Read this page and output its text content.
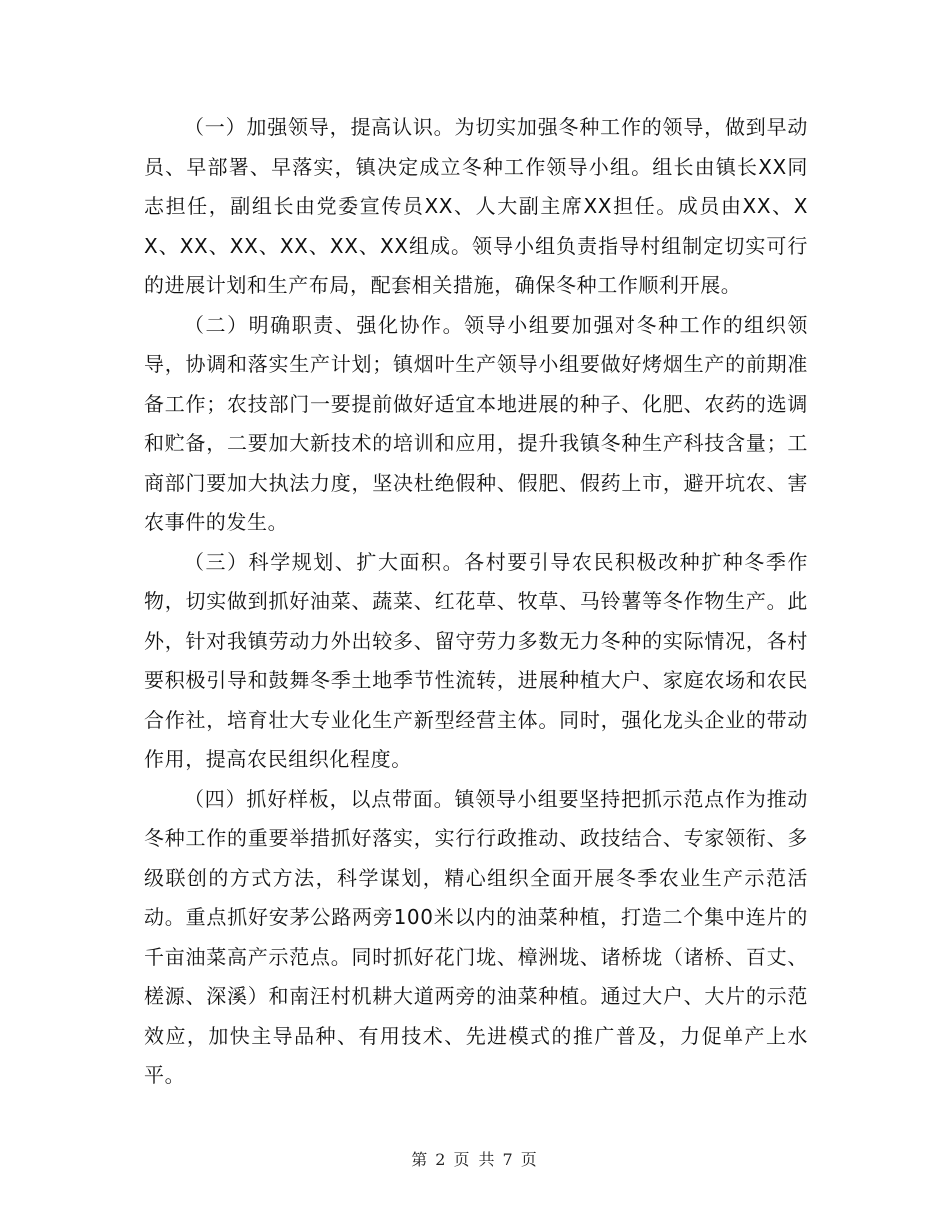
（一）加强领导，提高认识。为切实加强冬种工作的领导，做到早动员、早部署、早落实，镇决定成立冬种工作领导小组。组长由镇长XX同志担任，副组长由党委宣传员XX、人大副主席XX担任。成员由XX、XX、XX、XX、XX、XX、XX组成。领导小组负责指导村组制定切实可行的进展计划和生产布局，配套相关措施，确保冬种工作顺利开展。

（二）明确职责、强化协作。领导小组要加强对冬种工作的组织领导，协调和落实生产计划；镇烟叶生产领导小组要做好烤烟生产的前期准备工作；农技部门一要提前做好适宜本地进展的种子、化肥、农药的选调和贮备，二要加大新技术的培训和应用，提升我镇冬种生产科技含量；工商部门要加大执法力度，坚决杜绝假种、假肥、假药上市，避开坑农、害农事件的发生。

（三）科学规划、扩大面积。各村要引导农民积极改种扩种冬季作物，切实做到抓好油菜、蔬菜、红花草、牧草、马铃薯等冬作物生产。此外，针对我镇劳动力外出较多、留守劳力多数无力冬种的实际情况，各村要积极引导和鼓舞冬季土地季节性流转，进展种植大户、家庭农场和农民合作社，培育壮大专业化生产新型经营主体。同时，强化龙头企业的带动作用，提高农民组织化程度。

（四）抓好样板，以点带面。镇领导小组要坚持把抓示范点作为推动冬种工作的重要举措抓好落实，实行行政推动、政技结合、专家领衔、多级联创的方式方法，科学谋划，精心组织全面开展冬季农业生产示范活动。重点抓好安茅公路两旁100米以内的油菜种植，打造二个集中连片的千亩油菜高产示范点。同时抓好花门垅、樟洲垅、诸桥垅（诸桥、百丈、槎源、深溪）和南汪村机耕大道两旁的油菜种植。通过大户、大片的示范效应，加快主导品种、有用技术、先进模式的推广普及，力促单产上水平。

第 2 页 共 7 页
